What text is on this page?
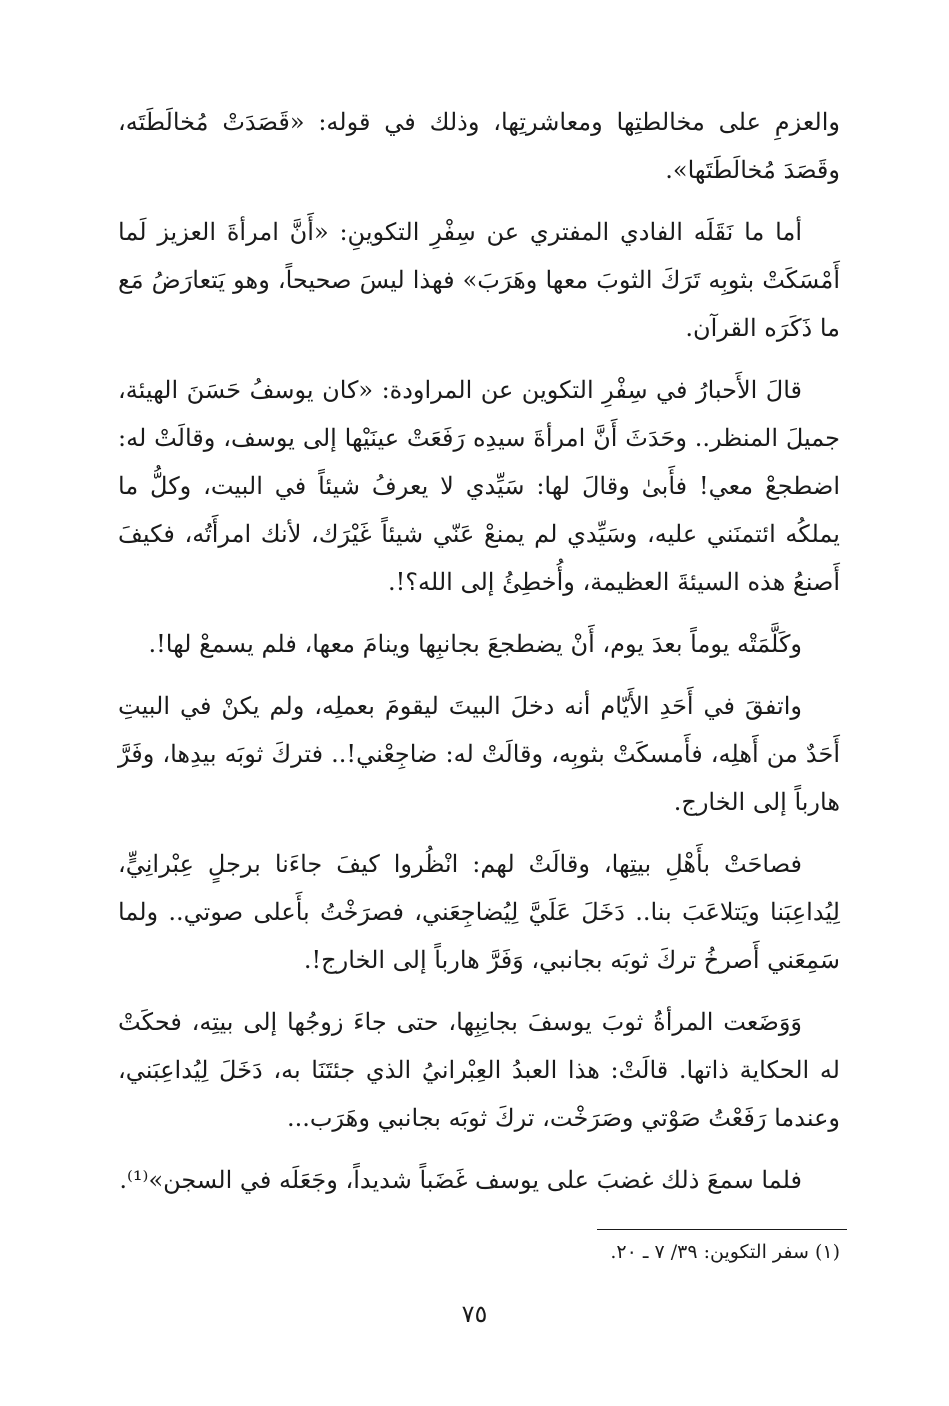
والعزمِ على مخالطتِها ومعاشرتِها، وذلك في قوله: «قَصَدَتْ مُخالَطَتَه، وقَصَدَ مُخالَطَتَها».

أما ما نَقَلَه الفادي المفتري عن سِفْرِ التكوينِ: «أَنَّ امرأةَ العزيز لَما أَمْسَكَتْ بثوبِه تَرَكَ الثوبَ معها وهَرَبَ» فهذا ليسَ صحيحاً، وهو يَتعارَضُ مَع ما ذَكَرَه القرآن.

قالَ الأَحبارُ في سِفْرِ التكوين عن المراودة: «كان يوسفُ حَسَنَ الهيئة، جميلَ المنظر.. وحَدَثَ أَنَّ امرأةَ سيدِه رَفَعَتْ عينَيْها إلى يوسف، وقالَتْ له: اضطجعْ معي! فأَبىٰ وقالَ لها: سَيِّدي لا يعرفُ شيئاً في البيت، وكلُّ ما يملكُه ائتمنَني عليه، وسَيِّدي لم يمنعْ عَنّي شيئاً غَيْرَك، لأنك امرأَتُه، فكيفَ أَصنعُ هذه السيئةَ العظيمة، وأُخطِئُ إلى الله؟!.

وكَلَّمَتْه يوماً بعدَ يوم، أَنْ يضطجعَ بجانبِها وينامَ معها، فلم يسمعْ لها!.

واتفقَ في أَحَدِ الأَيّام أنه دخلَ البيتَ ليقومَ بعملِه، ولم يكنْ في البيتِ أَحَدٌ من أَهلِه، فأَمسكَتْ بثوبِه، وقالَتْ له: ضاجِعْني!.. فتركَ ثوبَه بيدِها، وفَرَّ هارباً إلى الخارج.

فصاحَتْ بأَهْلِ بيتِها، وقالَتْ لهم: انْظُروا كيفَ جاءَنا برجلٍ عِبْرانِيٍّ، لِيُداعِبَنا ويَتلاعَبَ بنا.. دَخَلَ عَلَيَّ لِيُضاجِعَني، فصرَخْتُ بأَعلى صوتي.. ولما سَمِعَني أَصرخُ تركَ ثوبَه بجانبي، وَفَرَّ هارباً إلى الخارج!.

وَوَضَعت المرأةُ ثوبَ يوسفَ بجانِبِها، حتى جاءَ زوجُها إلى بيتِه، فحكَتْ له الحكاية ذاتها. قالَتْ: هذا العبدُ العِبْرانيُ الذي جئتَنَا به، دَخَلَ لِيُداعِبَني، وعندما رَفَعْتُ صَوْتي وصَرَخْت، تركَ ثوبَه بجانبي وهَرَب...

فلما سمعَ ذلك غضبَ على يوسف غَضَباً شديداً، وجَعَلَه في السجن»⁽¹⁾.

(١) سفر التكوين: ٣٩/ ٧ ـ ٢٠.
٧٥
